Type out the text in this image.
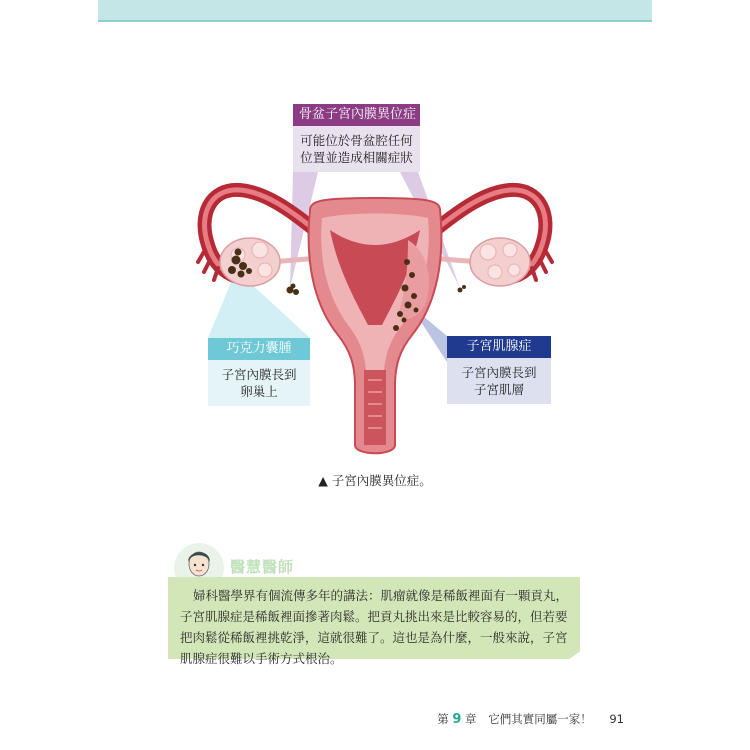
骨盆子宮內膜異位症
可能位於骨盆腔任何
位置並造成相關症狀
巧克力囊腫
子宮內膜長到
卵巢上
子宮肌腺症
子宮內膜長到
子宮肌層
▲ 子宮內膜異位症。
醫慧醫師
婦科醫學界有個流傳多年的講法：肌瘤就像是稀飯裡面有一顆貢丸，子宮肌腺症是稀飯裡面摻著肉鬆。把貢丸挑出來是比較容易的，但若要把肉鬆從稀飯裡挑乾淨，這就很難了。這也是為什麼，一般來說，子宮肌腺症很難以手術方式根治。
第 9 章 它們其實同屬一家！ 91
